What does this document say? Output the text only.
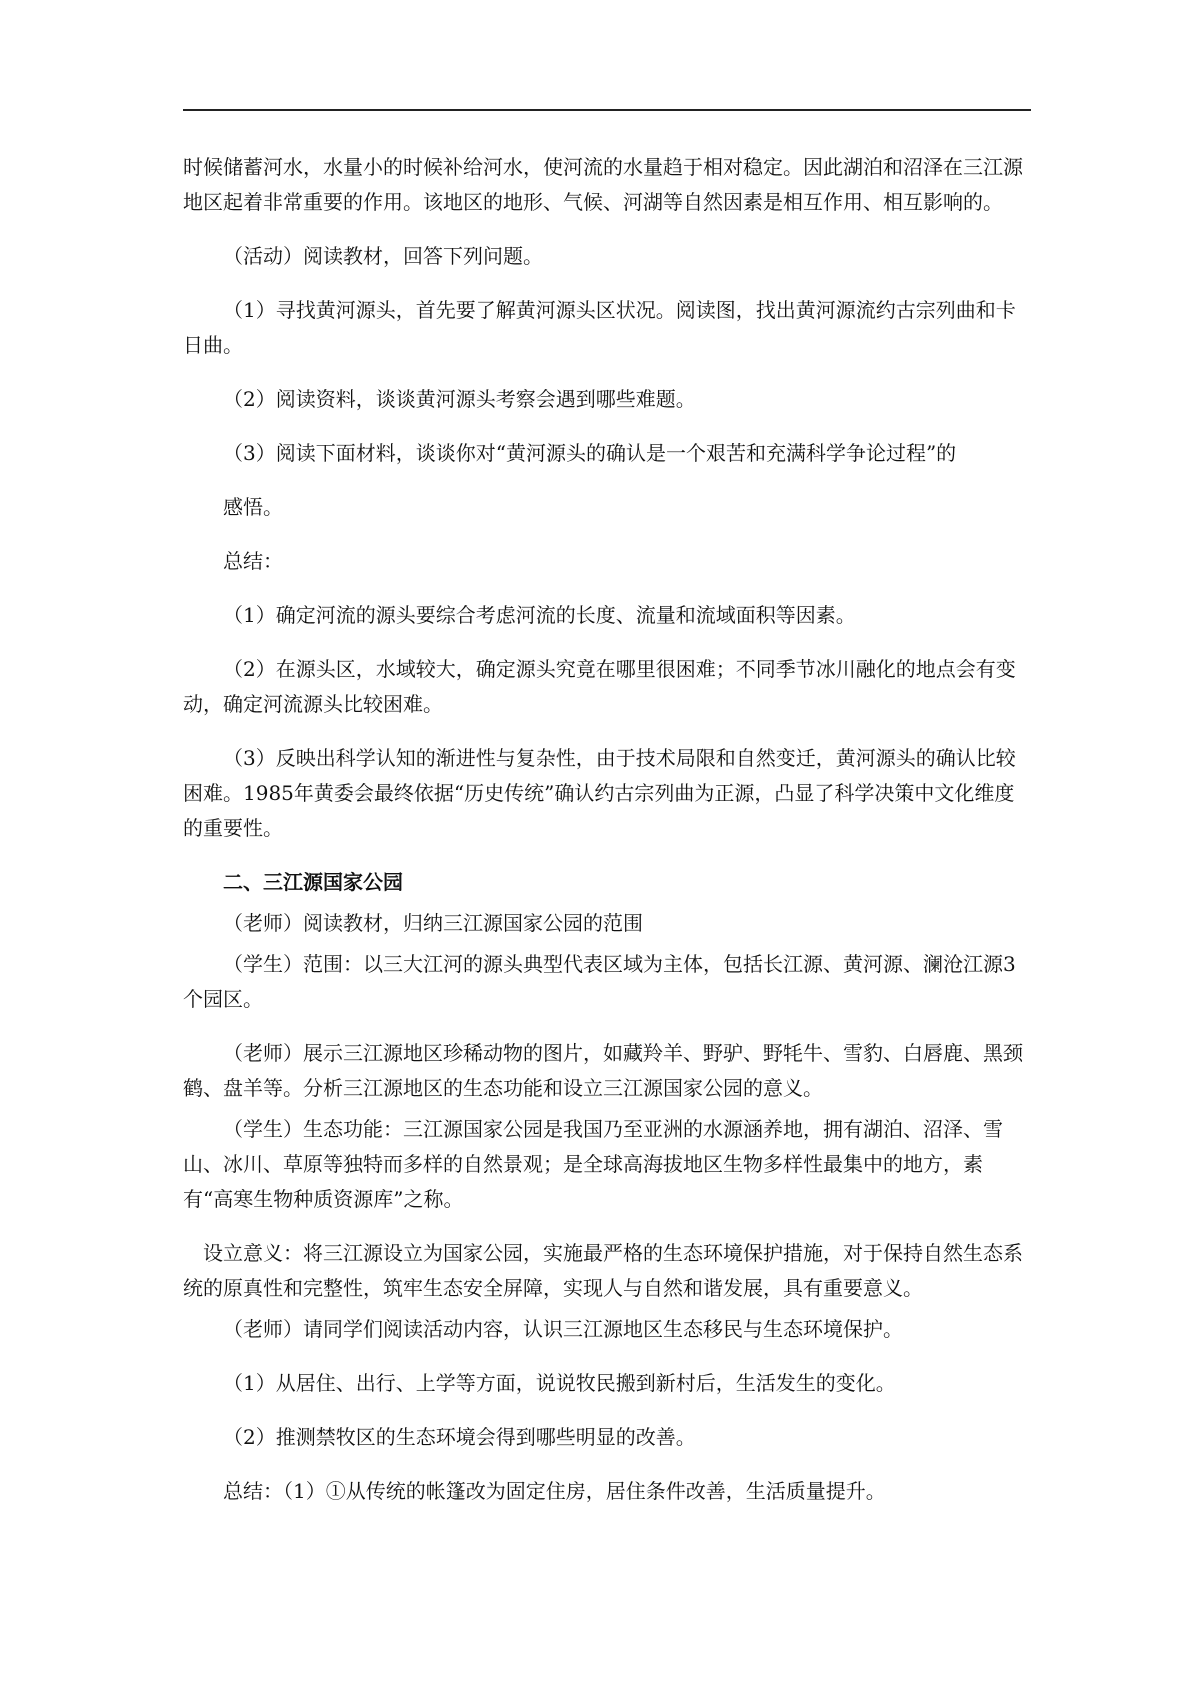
时候储蓄河水，水量小的时候补给河水，使河流的水量趋于相对稳定。因此湖泊和沼泽在三江源地区起着非常重要的作用。该地区的地形、气候、河湖等自然因素是相互作用、相互影响的。

（活动）阅读教材，回答下列问题。

（1）寻找黄河源头，首先要了解黄河源头区状况。阅读图，找出黄河源流约古宗列曲和卡日曲。

（2）阅读资料，谈谈黄河源头考察会遇到哪些难题。

（3）阅读下面材料，谈谈你对“黄河源头的确认是一个艰苦和充满科学争论过程”的

感悟。

总结：

（1）确定河流的源头要综合考虑河流的长度、流量和流域面积等因素。

（2）在源头区，水域较大，确定源头究竟在哪里很困难；不同季节冰川融化的地点会有变动，确定河流源头比较困难。

（3）反映出科学认知的渐进性与复杂性，由于技术局限和自然变迁，黄河源头的确认比较困难。1985年黄委会最终依据“历史传统”确认约古宗列曲为正源，凸显了科学决策中文化维度的重要性。

二、三江源国家公园

（老师）阅读教材，归纳三江源国家公园的范围

（学生）范围：以三大江河的源头典型代表区域为主体，包括长江源、黄河源、澜沧江源3个园区。

（老师）展示三江源地区珍稀动物的图片，如藏羚羊、野驴、野牦牛、雪豹、白唇鹿、黑颈鹤、盘羊等。分析三江源地区的生态功能和设立三江源国家公园的意义。

（学生）生态功能：三江源国家公园是我国乃至亚洲的水源涵养地，拥有湖泊、沼泽、雪山、冰川、草原等独特而多样的自然景观；是全球高海拔地区生物多样性最集中的地方，素有“高寒生物种质资源库”之称。

设立意义：将三江源设立为国家公园，实施最严格的生态环境保护措施，对于保持自然生态系统的原真性和完整性，筑牢生态安全屏障，实现人与自然和谐发展，具有重要意义。

（老师）请同学们阅读活动内容，认识三江源地区生态移民与生态环境保护。

（1）从居住、出行、上学等方面，说说牧民搬到新村后，生活发生的变化。

（2）推测禁牧区的生态环境会得到哪些明显的改善。

总结：（1）①从传统的帐篷改为固定住房，居住条件改善，生活质量提升。
